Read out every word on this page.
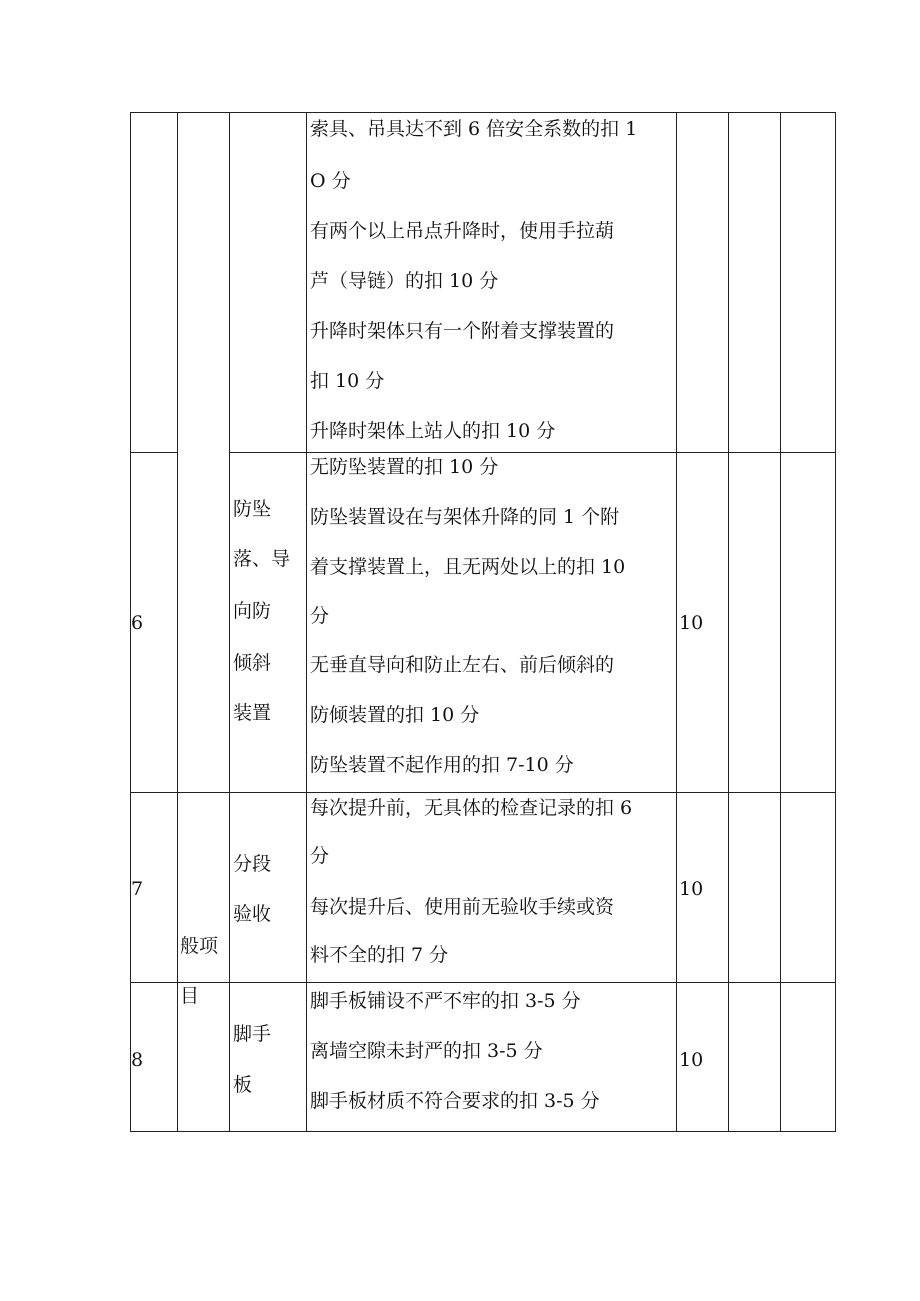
索具、吊具达不到 6 倍安全系数的扣 1
O 分
有两个以上吊点升降时，使用手拉葫
芦（导链）的扣 10 分
升降时架体只有一个附着支撑装置的
扣 10 分
升降时架体上站人的扣 10 分
6
防坠
落、导
向防
倾斜
装置
无防坠装置的扣 10 分
防坠装置设在与架体升降的同 1 个附
着支撑装置上，且无两处以上的扣 10
分
无垂直导向和防止左右、前后倾斜的
防倾装置的扣 10 分
防坠装置不起作用的扣 7-10 分
10
7
分段
验收
每次提升前，无具体的检查记录的扣 6
分
每次提升后、使用前无验收手续或资
料不全的扣 7 分
10
般项
目
8
脚手
板
脚手板铺设不严不牢的扣 3-5 分
离墙空隙未封严的扣 3-5 分
脚手板材质不符合要求的扣 3-5 分
10
